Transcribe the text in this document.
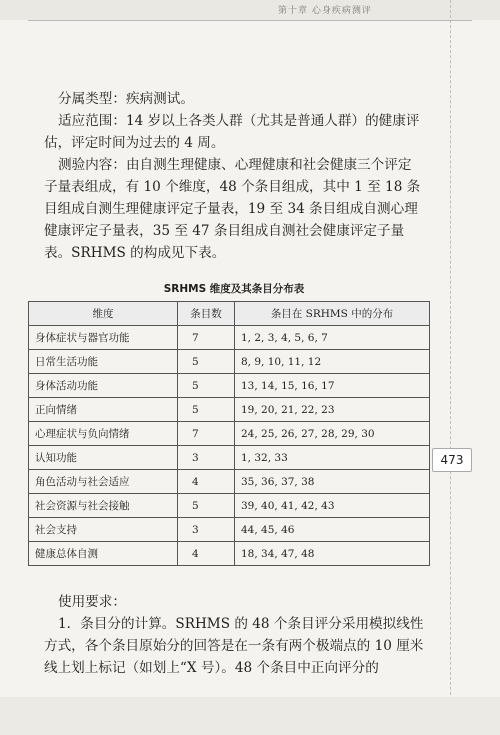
第十章 心身疾病测评
473

分属类型：疾病测试。

适应范围：14 岁以上各类人群（尤其是普通人群）的健康评估，评定时间为过去的 4 周。

测验内容：由自测生理健康、心理健康和社会健康三个评定子量表组成，有 10 个维度，48 个条目组成，其中 1 至 18 条目组成自测生理健康评定子量表，19 至 34 条目组成自测心理健康评定子量表，35 至 47 条目组成自测社会健康评定子量表。SRHMS 的构成见下表。

SRHMS 维度及其条目分布表

维度	条目数	条目在 SRHMS 中的分布
身体症状与器官功能	7	1, 2, 3, 4, 5, 6, 7
日常生活功能	5	8, 9, 10, 11, 12
身体活动功能	5	13, 14, 15, 16, 17
正向情绪	5	19, 20, 21, 22, 23
心理症状与负向情绪	7	24, 25, 26, 27, 28, 29, 30
认知功能	3	1, 32, 33
角色活动与社会适应	4	35, 36, 37, 38
社会资源与社会接触	5	39, 40, 41, 42, 43
社会支持	3	44, 45, 46
健康总体自测	4	18, 34, 47, 48

使用要求：

1．条目分的计算。SRHMS 的 48 个条目评分采用模拟线性方式，各个条目原始分的回答是在一条有两个极端点的 10 厘米线上划上标记（如划上“X 号）。48 个条目中正向评分的
